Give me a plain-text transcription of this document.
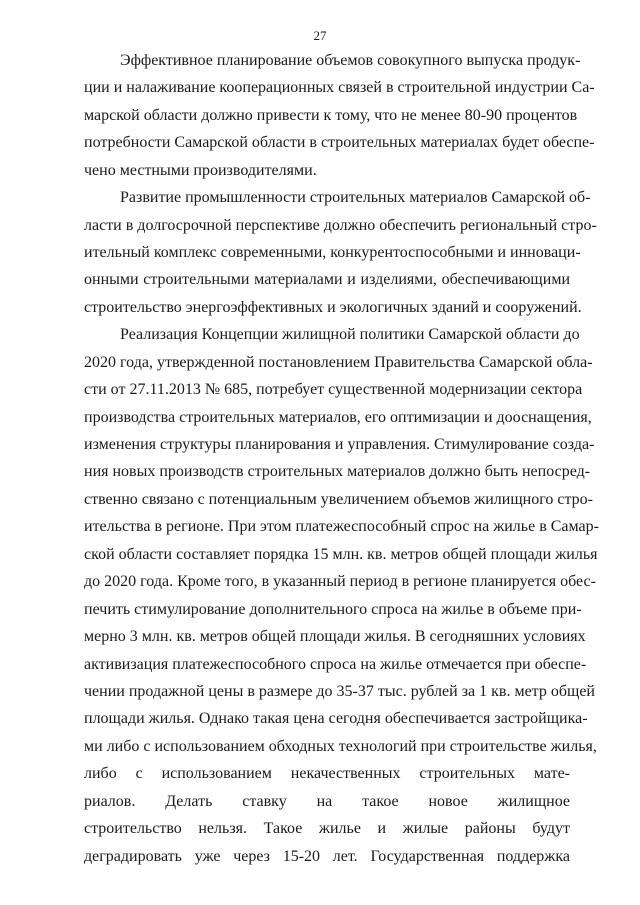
27
Эффективное планирование объемов совокупного выпуска продук-
ции и налаживание кооперационных связей в строительной индустрии Са-
марской области должно привести к тому, что не менее 80-90 процентов
потребности Самарской области в строительных материалах будет обеспе-
чено местными производителями.
Развитие промышленности строительных материалов Самарской об-
ласти в долгосрочной перспективе должно обеспечить региональный стро-
ительный комплекс современными, конкурентоспособными и инноваци-
онными строительными материалами и изделиями, обеспечивающими
строительство энергоэффективных и экологичных зданий и сооружений.
Реализация Концепции жилищной политики Самарской области до
2020 года, утвержденной постановлением Правительства Самарской обла-
сти от 27.11.2013 № 685, потребует существенной модернизации сектора
производства строительных материалов, его оптимизации и дооснащения,
изменения структуры планирования и управления. Стимулирование созда-
ния новых производств строительных материалов должно быть непосред-
ственно связано с потенциальным увеличением объемов жилищного стро-
ительства в регионе. При этом платежеспособный спрос на жилье в Самар-
ской области составляет порядка 15 млн. кв. метров общей площади жилья
до 2020 года. Кроме того, в указанный период в регионе планируется обес-
печить стимулирование дополнительного спроса на жилье в объеме при-
мерно 3 млн. кв. метров общей площади жилья. В сегодняшних условиях
активизация платежеспособного спроса на жилье отмечается при обеспе-
чении продажной цены в размере до 35-37 тыс. рублей за 1 кв. метр общей
площади жилья. Однако такая цена сегодня обеспечивается застройщика-
ми либо с использованием обходных технологий при строительстве жилья,
либо с использованием некачественных строительных мате-
риалов. Делать ставку на такое новое жилищное
строительство нельзя. Такое жилье и жилые районы будут
деградировать уже через 15-20 лет. Государственная поддержка
